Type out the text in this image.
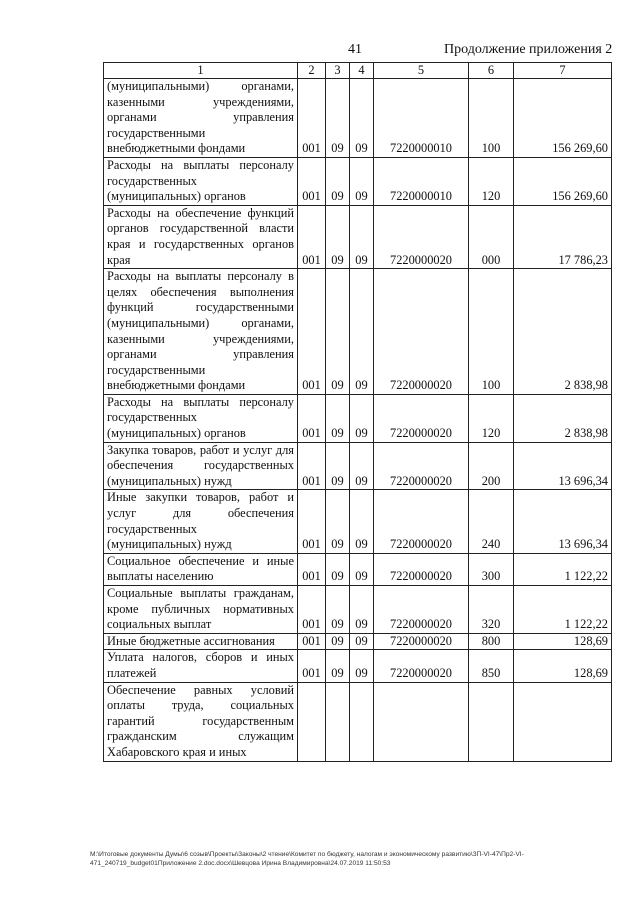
41	Продолжение приложения 2
1	2	3	4	5	6	7
(муниципальными) органами, казенными учреждениями, органами управления государственными внебюджетными фондами	001	09	09	7220000010	100	156 269,60
Расходы на выплаты персоналу государственных (муниципальных) органов	001	09	09	7220000010	120	156 269,60
Расходы на обеспечение функций органов государственной власти края и государственных органов края	001	09	09	7220000020	000	17 786,23
Расходы на выплаты персоналу в целях обеспечения выполнения функций государственными (муниципальными) органами, казенными учреждениями, органами управления государственными внебюджетными фондами	001	09	09	7220000020	100	2 838,98
Расходы на выплаты персоналу государственных (муниципальных) органов	001	09	09	7220000020	120	2 838,98
Закупка товаров, работ и услуг для обеспечения государственных (муниципальных) нужд	001	09	09	7220000020	200	13 696,34
Иные закупки товаров, работ и услуг для обеспечения государственных (муниципальных) нужд	001	09	09	7220000020	240	13 696,34
Социальное обеспечение и иные выплаты населению	001	09	09	7220000020	300	1 122,22
Социальные выплаты гражданам, кроме публичных нормативных социальных выплат	001	09	09	7220000020	320	1 122,22
Иные бюджетные ассигнования	001	09	09	7220000020	800	128,69
Уплата налогов, сборов и иных платежей	001	09	09	7220000020	850	128,69
Обеспечение равных условий оплаты труда, социальных гарантий государственным гражданским служащим Хабаровского края и иных						
М:\Итоговые документы Думы\6 созыв\Проекты\Законы\2 чтение\Комитет по бюджету, налогам и экономическому развитию\ЗП-VI-47\Пр2-VI-471_240719_budget01Приложение 2.doc.docx\Шевцова Ирина Владимировна\24.07.2019 11:50:53
